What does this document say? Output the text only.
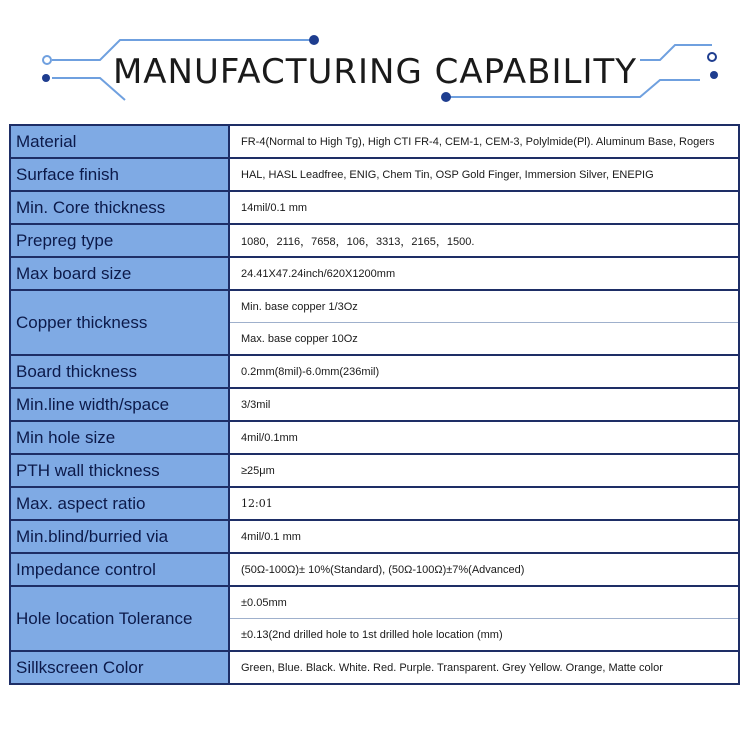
MANUFACTURING CAPABILITY
Material	FR-4(Normal to High Tg), High CTI FR-4, CEM-1, CEM-3, Polylmide(Pl). Aluminum Base, Rogers
Surface finish	HAL, HASL Leadfree, ENIG, Chem Tin, OSP Gold Finger, Immersion Silver, ENEPIG
Min. Core thickness	14mil/0.1 mm
Prepreg type	1080，2116，7658，106，3313，2165，1500.
Max board size	24.41X47.24inch/620X1200mm
Copper thickness	Min. base copper 1/3Oz
	Max. base copper 10Oz
Board thickness	0.2mm(8mil)-6.0mm(236mil)
Min.line width/space	3/3mil
Min hole size	4mil/0.1mm
PTH wall thickness	≥25μm
Max. aspect ratio	12:01
Min.blind/burried via	4mil/0.1 mm
Impedance control	(50Ω-100Ω)± 10%(Standard), (50Ω-100Ω)±7%(Advanced)
Hole location Tolerance	±0.05mm
	±0.13(2nd drilled hole to 1st drilled hole location (mm)
Sillkscreen Color	Green, Blue. Black. White. Red. Purple. Transparent. Grey Yellow. Orange, Matte color
